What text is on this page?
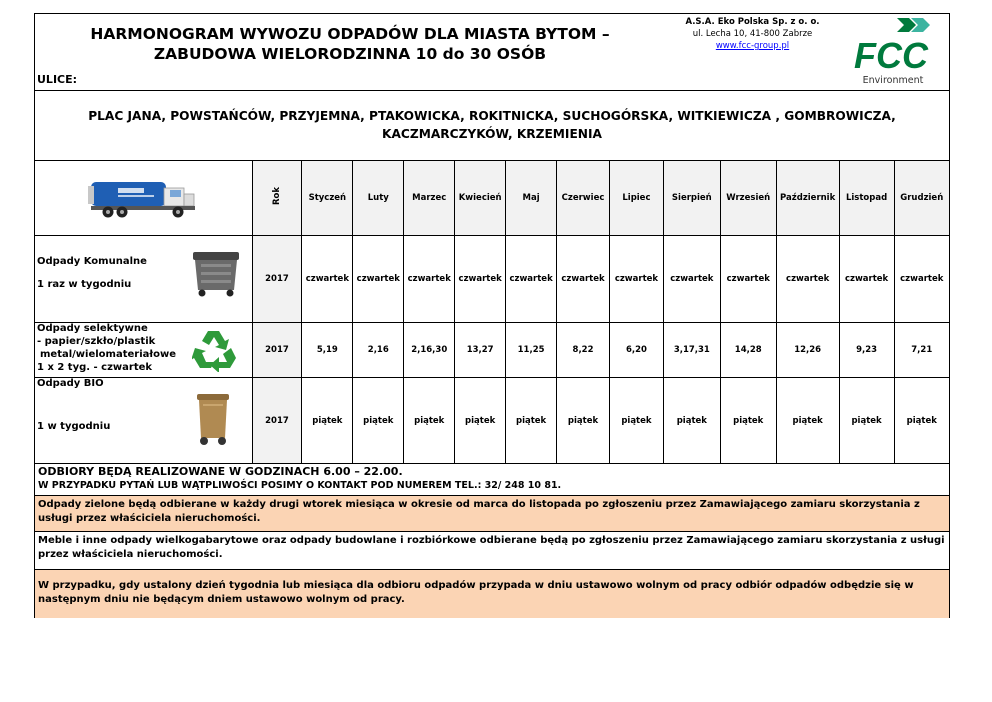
HARMONOGRAM WYWOZU ODPADÓW DLA MIASTA BYTOM –
ZABUDOWA WIELORODZINNA 10 do 30 OSÓB
ULICE:
A.S.A. Eko Polska Sp. z o. o.
ul. Lecha 10, 41-800 Zabrze
www.fcc-group.pl	FCC
Environment
PLAC JANA, POWSTAŃCÓW, PRZYJEMNA, PTAKOWICKA, ROKITNICKA, SUCHOGÓRSKA, WITKIEWICZA , GOMBROWICZA,
KACZMARCZYKÓW, KRZEMIENIA
	Rok	Styczeń	Luty	Marzec	Kwiecień	Maj	Czerwiec	Lipiec	Sierpień	Wrzesień	Październik	Listopad	Grudzień

Odpady Komunalne
1 raz w tygodniu	2017	czwartek	czwartek	czwartek	czwartek	czwartek	czwartek	czwartek	czwartek	czwartek	czwartek	czwartek	czwartek

Odpady selektywne
- papier/szkło/plastik
metal/wielomateriałowe
1 x 2 tyg. - czwartek	2017	5,19	2,16	2,16,30	13,27	11,25	8,22	6,20	3,17,31	14,28	12,26	9,23	7,21

Odpady BIO
1 w tygodniu	2017	piątek	piątek	piątek	piątek	piątek	piątek	piątek	piątek	piątek	piątek	piątek	piątek
ODBIORY BĘDĄ REALIZOWANE W GODZINACH 6.00 – 22.00.
W PRZYPADKU PYTAŃ LUB WĄTPLIWOŚCI POSIMY O KONTAKT POD NUMEREM TEL.: 32/ 248 10 81.
Odpady zielone będą odbierane w każdy drugi wtorek miesiąca w okresie od marca do listopada po zgłoszeniu przez Zamawiającego zamiaru skorzystania z usługi przez właściciela nieruchomości.
Meble i inne odpady wielkogabarytowe oraz odpady budowlane i rozbiórkowe odbierane będą po zgłoszeniu przez Zamawiającego zamiaru skorzystania z usługi przez właściciela nieruchomości.
W przypadku, gdy ustalony dzień tygodnia lub miesiąca dla odbioru odpadów przypada w dniu ustawowo wolnym od pracy odbiór odpadów odbędzie się w następnym dniu nie będącym dniem ustawowo wolnym od pracy.
